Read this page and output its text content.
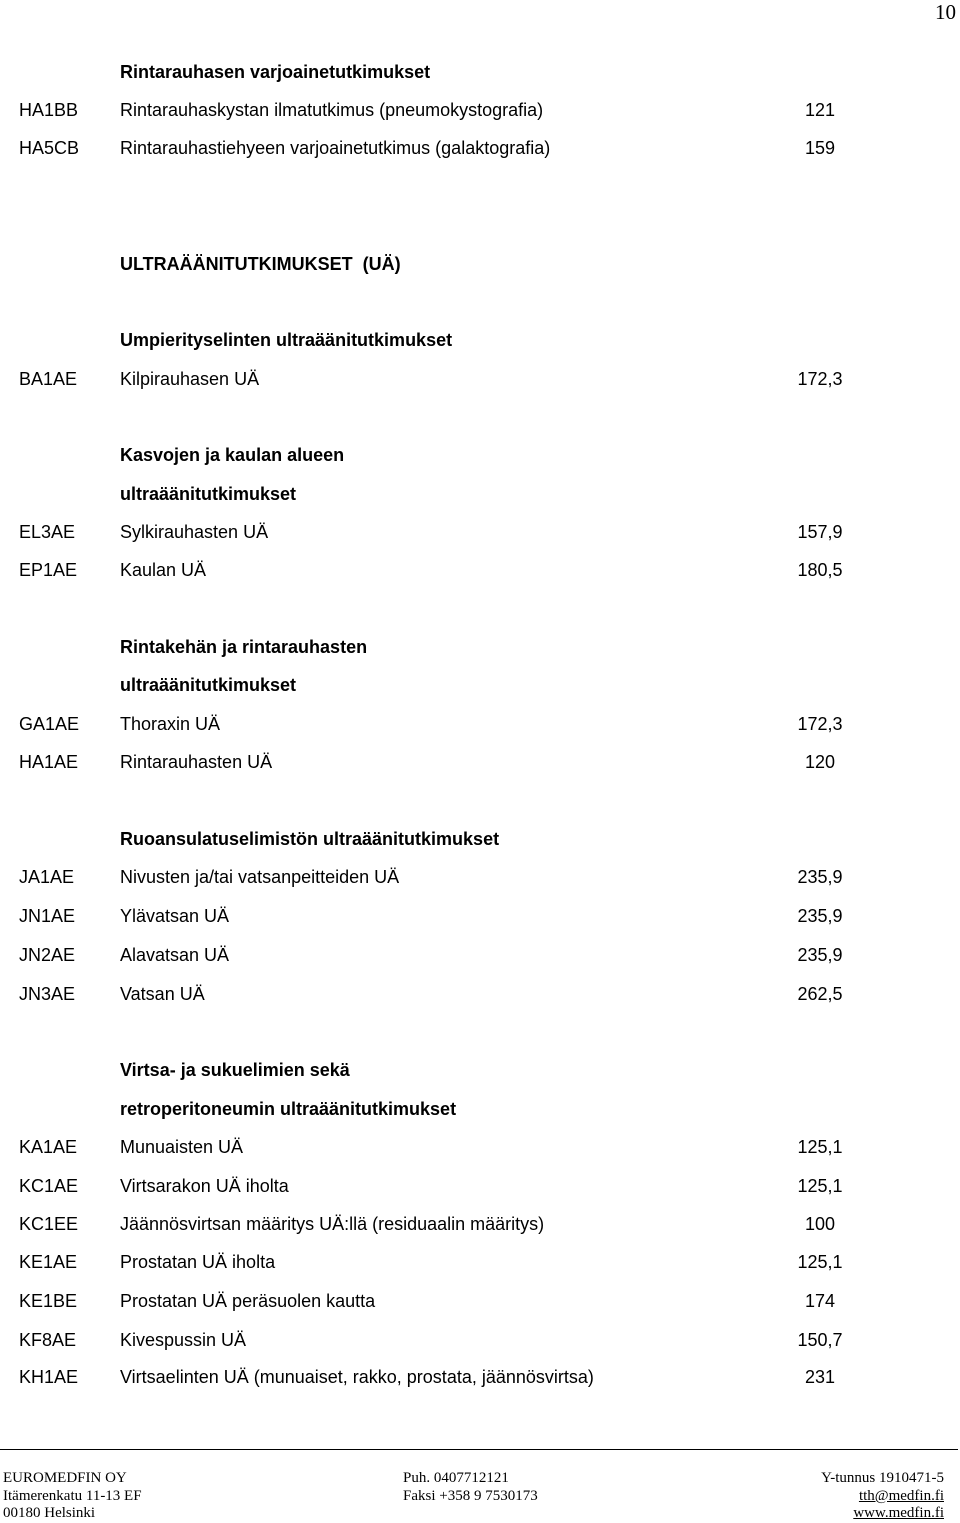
10
Rintarauhasen varjoainetutkimukset
HA1BB Rintarauhaskystan ilmatutkimus (pneumokystografia)	121
HA5CB Rintarauhastiehyeen varjoainetutkimus (galaktografia)	159
ULTRAÄÄNITUTKIMUKSET  (UÄ)
Umpierityselinten ultraäänitutkimukset
BA1AE Kilpirauhasen UÄ	172,3
Kasvojen ja kaulan alueen
ultraäänitutkimukset
EL3AE Sylkirauhasten UÄ	157,9
EP1AE Kaulan UÄ	180,5
Rintakehän ja rintarauhasten
ultraäänitutkimukset
GA1AE Thoraxin UÄ	172,3
HA1AE Rintarauhasten UÄ	120
Ruoansulatuselimistön ultraäänitutkimukset
JA1AE	Nivusten ja/tai vatsanpeitteiden UÄ	235,9
JN1AE Ylävatsan UÄ	235,9
JN2AE Alavatsan UÄ	235,9
JN3AE Vatsan UÄ	262,5
Virtsa- ja sukuelimien sekä
retroperitoneumin ultraäänitutkimukset
KA1AE Munuaisten UÄ	125,1
KC1AE Virtsarakon UÄ iholta	125,1
KC1EE Jäännösvirtsan määritys UÄ:llä (residuaalin määritys)	100
KE1AE Prostatan UÄ iholta	125,1
KE1BE Prostatan UÄ peräsuolen kautta	174
KF8AE Kivespussin UÄ	150,7
KH1AE Virtsaelinten UÄ (munuaiset, rakko, prostata, jäännösvirtsa)	231
EUROMEDFIN OY
Itämerenkatu 11-13 EF
00180 Helsinki
Puh. 0407712121
Faksi +358 9 7530173
Y-tunnus 1910471-5
tth@medfin.fi
www.medfin.fi
